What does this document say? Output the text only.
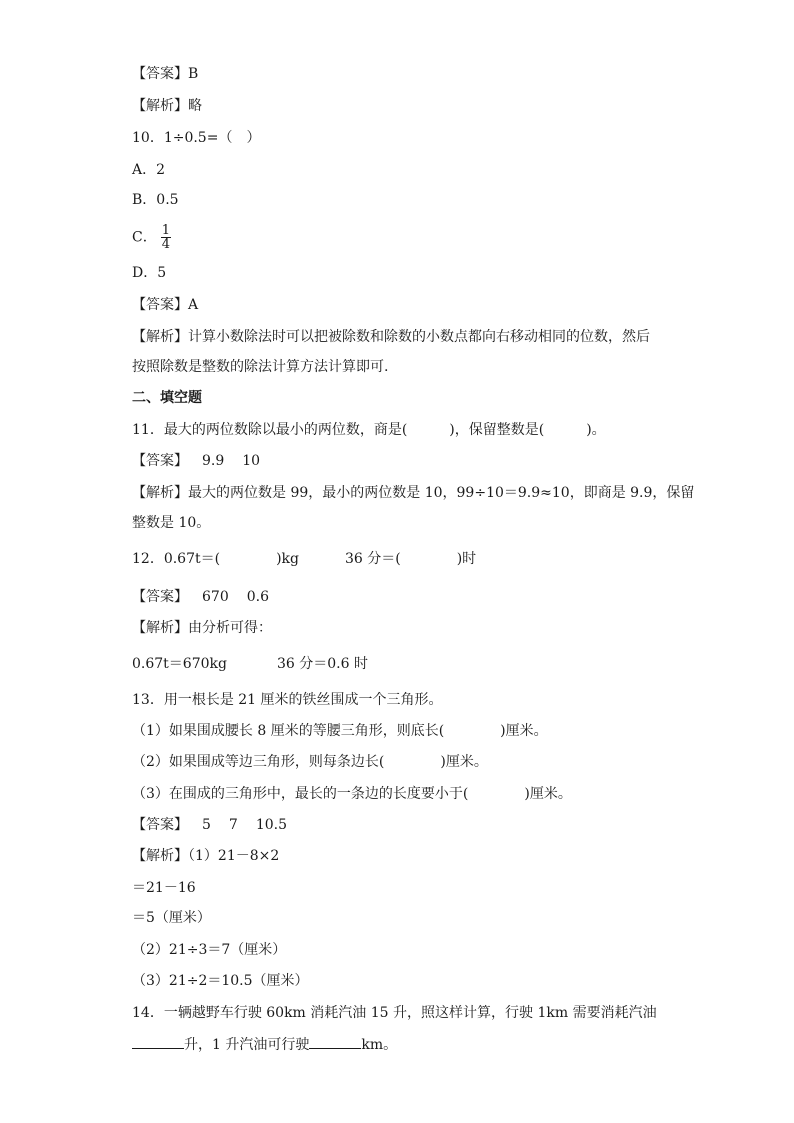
【答案】B
【解析】略
10．1÷0.5=（　）
A．2
B．0.5
C． $\frac{1}{4}$
D．5
【答案】A
【解析】计算小数除法时可以把被除数和除数的小数点都向右移动相同的位数，然后
按照除数是整数的除法计算方法计算即可.
二、填空题
11．最大的两位数除以最小的两位数，商是(　　　)，保留整数是(　　　)。
【答案】 9.9 10
【解析】最大的两位数是 99，最小的两位数是 10，99÷10＝9.9≈10，即商是 9.9，保留
整数是 10。
12．0.67t＝(　　　　)kg	36 分＝(　　　　)时
【答案】 670 0.6
【解析】由分析可得：
0.67t＝670kg	36 分＝0.6 时
13．用一根长是 21 厘米的铁丝围成一个三角形。
（1）如果围成腰长 8 厘米的等腰三角形，则底长(　　　　)厘米。
（2）如果围成等边三角形，则每条边长(　　　　)厘米。
（3）在围成的三角形中，最长的一条边的长度要小于(　　　　)厘米。
【答案】 5 7 10.5
【解析】（1）21－8×2
＝21－16
＝5（厘米）
（2）21÷3＝7（厘米）
（3）21÷2＝10.5（厘米）
14．一辆越野车行驶 60km 消耗汽油 15 升，照这样计算，行驶 1km 需要消耗汽油
升，1 升汽油可行驶	km。
